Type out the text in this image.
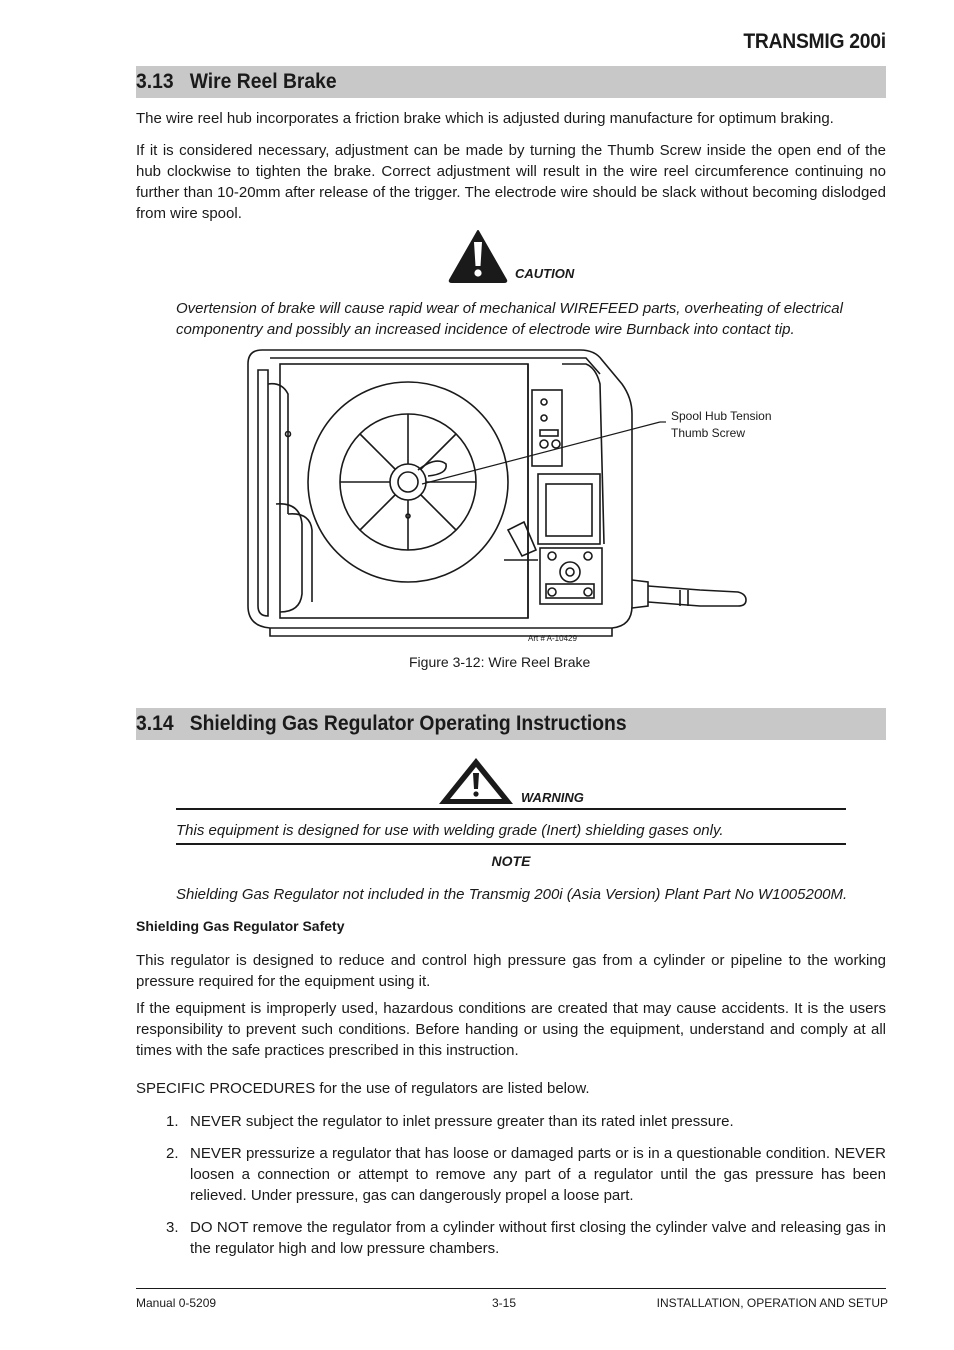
TRANSMIG 200i
3.13   Wire Reel Brake
The wire reel hub incorporates a friction brake which is adjusted during manufacture for optimum braking.
If it is considered necessary, adjustment can be made by turning the Thumb Screw inside the open end of the hub clockwise to tighten the brake. Correct adjustment will result in the wire reel circumference continuing no further than 10-20mm after release of the trigger. The electrode wire should be slack without becoming dislodged from wire spool.
CAUTION
Overtension of brake will cause rapid wear of mechanical WIREFEED parts, overheating of electrical componentry and possibly an increased incidence of electrode wire Burnback into contact tip.
Spool Hub Tension
Thumb Screw
Art # A-10429
Figure 3-12: Wire Reel Brake
3.14   Shielding Gas Regulator Operating Instructions
WARNING
This equipment is designed for use with welding grade (Inert) shielding gases only.
NOTE
Shielding Gas Regulator not included in the Transmig 200i (Asia Version) Plant Part No W1005200M.
Shielding Gas Regulator Safety
This regulator is designed to reduce and control high pressure gas from a cylinder or pipeline to the working pressure required for the equipment using it.
If the equipment is improperly used, hazardous conditions are created that may cause accidents. It is the users responsibility to prevent such conditions. Before handing or using the equipment, understand and comply at all times with the safe practices prescribed in this instruction.
SPECIFIC PROCEDURES for the use of regulators are listed below.
1. NEVER subject the regulator to inlet pressure greater than its rated inlet pressure.
2. NEVER pressurize a regulator that has loose or damaged parts or is in a questionable condition. NEVER loosen a connection or attempt to remove any part of a regulator until the gas pressure has been relieved. Under pressure, gas can dangerously propel a loose part.
3. DO NOT remove the regulator from a cylinder without first closing the cylinder valve and releasing gas in the regulator high and low pressure chambers.
Manual 0-5209	3-15	INSTALLATION, OPERATION AND SETUP
